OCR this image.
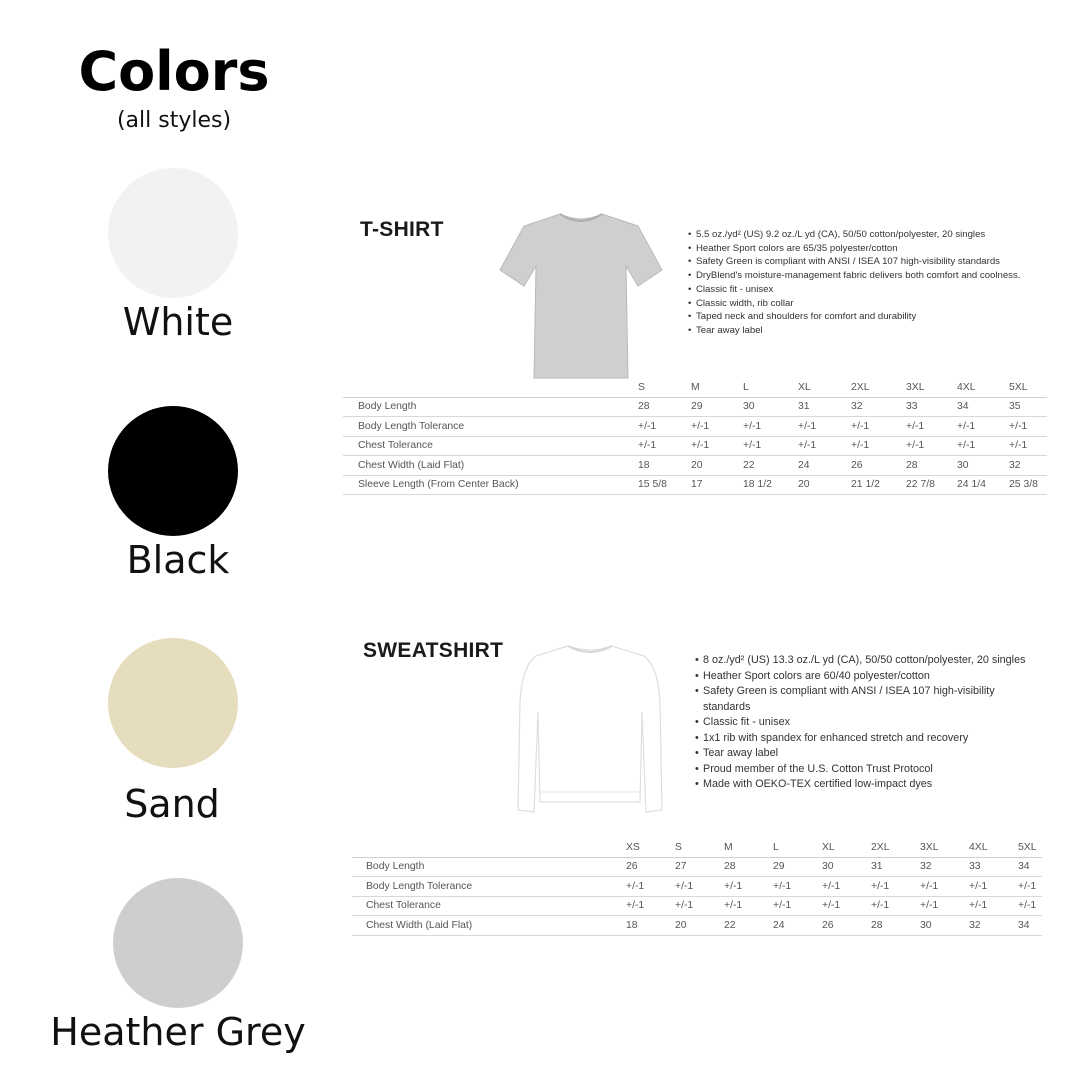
Colors
(all styles)
White
Black
Sand
Heather Grey
T-SHIRT	• 5.5 oz./yd² (US) 9.2 oz./L yd (CA), 50/50 cotton/polyester, 20 singles
• Heather Sport colors are 65/35 polyester/cotton
• Safety Green is compliant with ANSI / ISEA 107 high-visibility standards
• DryBlend's moisture-management fabric delivers both comfort and coolness.
• Classic fit - unisex
• Classic width, rib collar
• Taped neck and shoulders for comfort and durability
• Tear away label
	S	M	L	XL	2XL	3XL	4XL	5XL
Body Length	28	29	30	31	32	33	34	35
Body Length Tolerance	+/-1	+/-1	+/-1	+/-1	+/-1	+/-1	+/-1	+/-1
Chest Tolerance	+/-1	+/-1	+/-1	+/-1	+/-1	+/-1	+/-1	+/-1
Chest Width (Laid Flat)	18	20	22	24	26	28	30	32
Sleeve Length (From Center Back)	15 5/8	17	18 1/2	20	21 1/2	22 7/8	24 1/4	25 3/8
SWEATSHIRT	• 8 oz./yd² (US) 13.3 oz./L yd (CA), 50/50 cotton/polyester, 20 singles
• Heather Sport colors are 60/40 polyester/cotton
• Safety Green is compliant with ANSI / ISEA 107 high-visibility standards
• Classic fit - unisex
• 1x1 rib with spandex for enhanced stretch and recovery
• Tear away label
• Proud member of the U.S. Cotton Trust Protocol
• Made with OEKO-TEX certified low-impact dyes
	XS	S	M	L	XL	2XL	3XL	4XL	5XL
Body Length	26	27	28	29	30	31	32	33	34
Body Length Tolerance	+/-1	+/-1	+/-1	+/-1	+/-1	+/-1	+/-1	+/-1	+/-1
Chest Tolerance	+/-1	+/-1	+/-1	+/-1	+/-1	+/-1	+/-1	+/-1	+/-1
Chest Width (Laid Flat)	18	20	22	24	26	28	30	32	34
